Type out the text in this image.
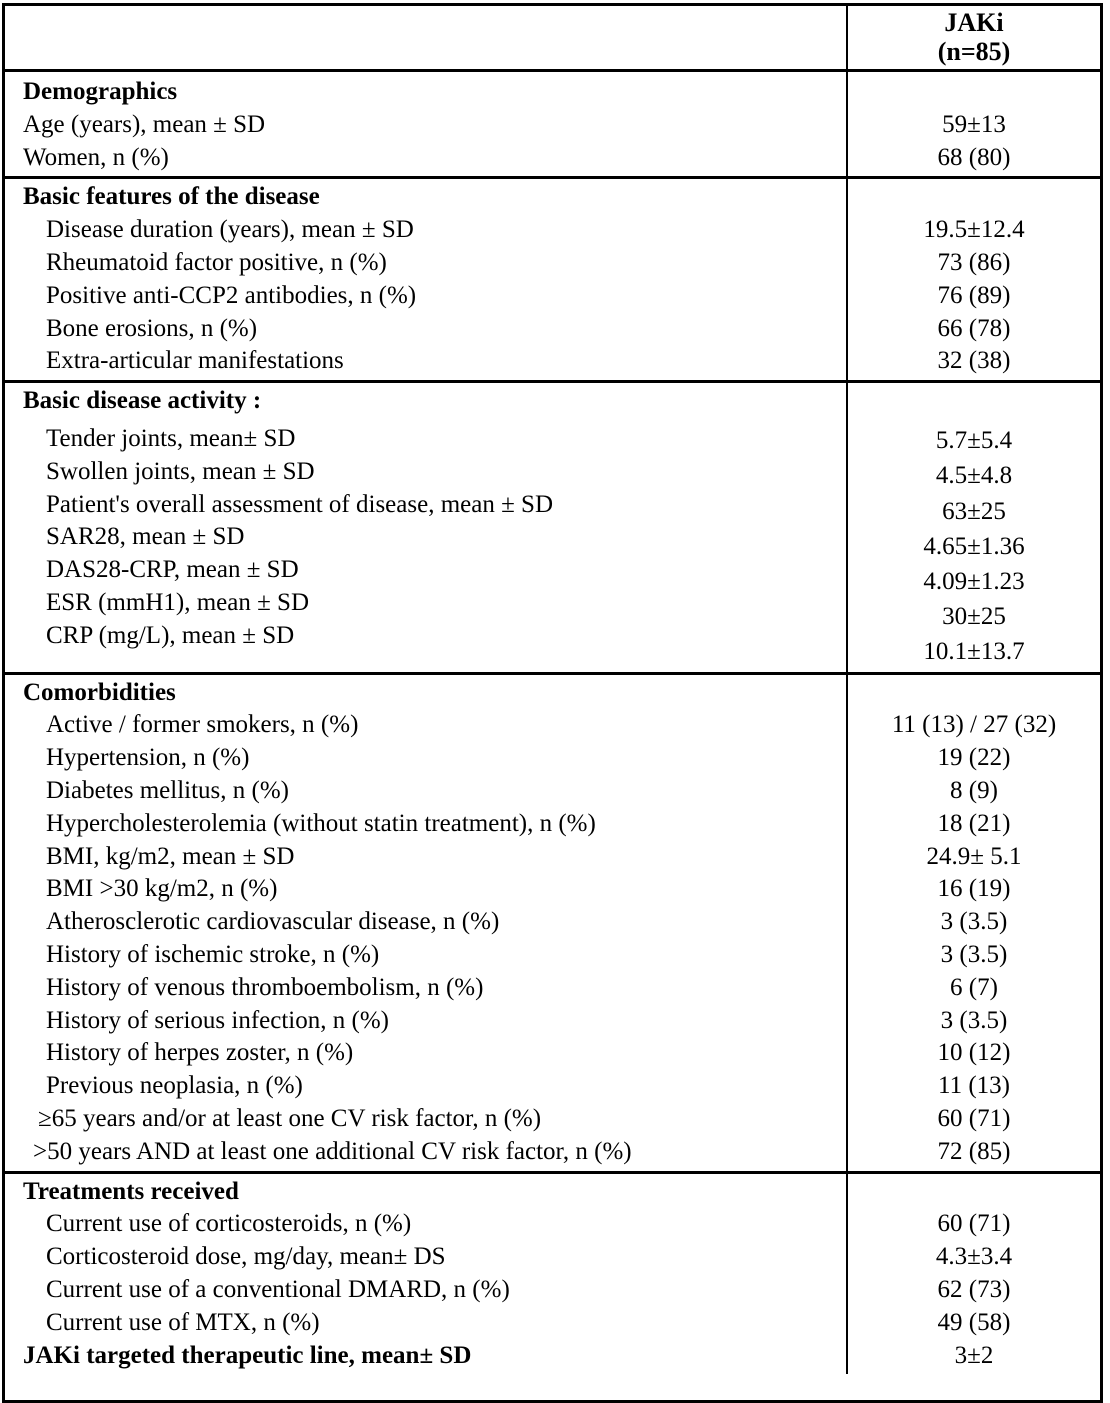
JAKi
(n=85)
Demographics
Age (years), mean ± SD
Women, n (%)
59±13
68 (80)
Basic features of the disease
Disease duration (years), mean ± SD
Rheumatoid factor positive, n (%)
Positive anti-CCP2 antibodies, n (%)
Bone erosions, n (%)
Extra-articular manifestations
19.5±12.4
73 (86)
76 (89)
66 (78)
32 (38)
Basic disease activity :
Tender joints, mean± SD
Swollen joints, mean ± SD
Patient's overall assessment of disease, mean ± SD
SAR28, mean ± SD
DAS28-CRP, mean ± SD
ESR (mmH1), mean ± SD
CRP (mg/L), mean ± SD
5.7±5.4
4.5±4.8
63±25
4.65±1.36
4.09±1.23
30±25
10.1±13.7
Comorbidities
Active / former smokers, n (%)
Hypertension, n (%)
Diabetes mellitus, n (%)
Hypercholesterolemia (without statin treatment), n (%)
BMI, kg/m2, mean ± SD
BMI >30 kg/m2, n (%)
Atherosclerotic cardiovascular disease, n (%)
History of ischemic stroke, n (%)
History of venous thromboembolism, n (%)
History of serious infection, n (%)
History of herpes zoster, n (%)
Previous neoplasia, n (%)
≥65 years and/or at least one CV risk factor, n (%)
>50 years AND at least one additional CV risk factor, n (%)
11 (13) / 27 (32)
19 (22)
8 (9)
18 (21)
24.9± 5.1
16 (19)
3 (3.5)
3 (3.5)
6 (7)
3 (3.5)
10 (12)
11 (13)
60 (71)
72 (85)
Treatments received
Current use of corticosteroids, n (%)
Corticosteroid dose, mg/day, mean± DS
Current use of a conventional DMARD, n (%)
Current use of MTX, n (%)
JAKi targeted therapeutic line, mean± SD
60 (71)
4.3±3.4
62 (73)
49 (58)
3±2
